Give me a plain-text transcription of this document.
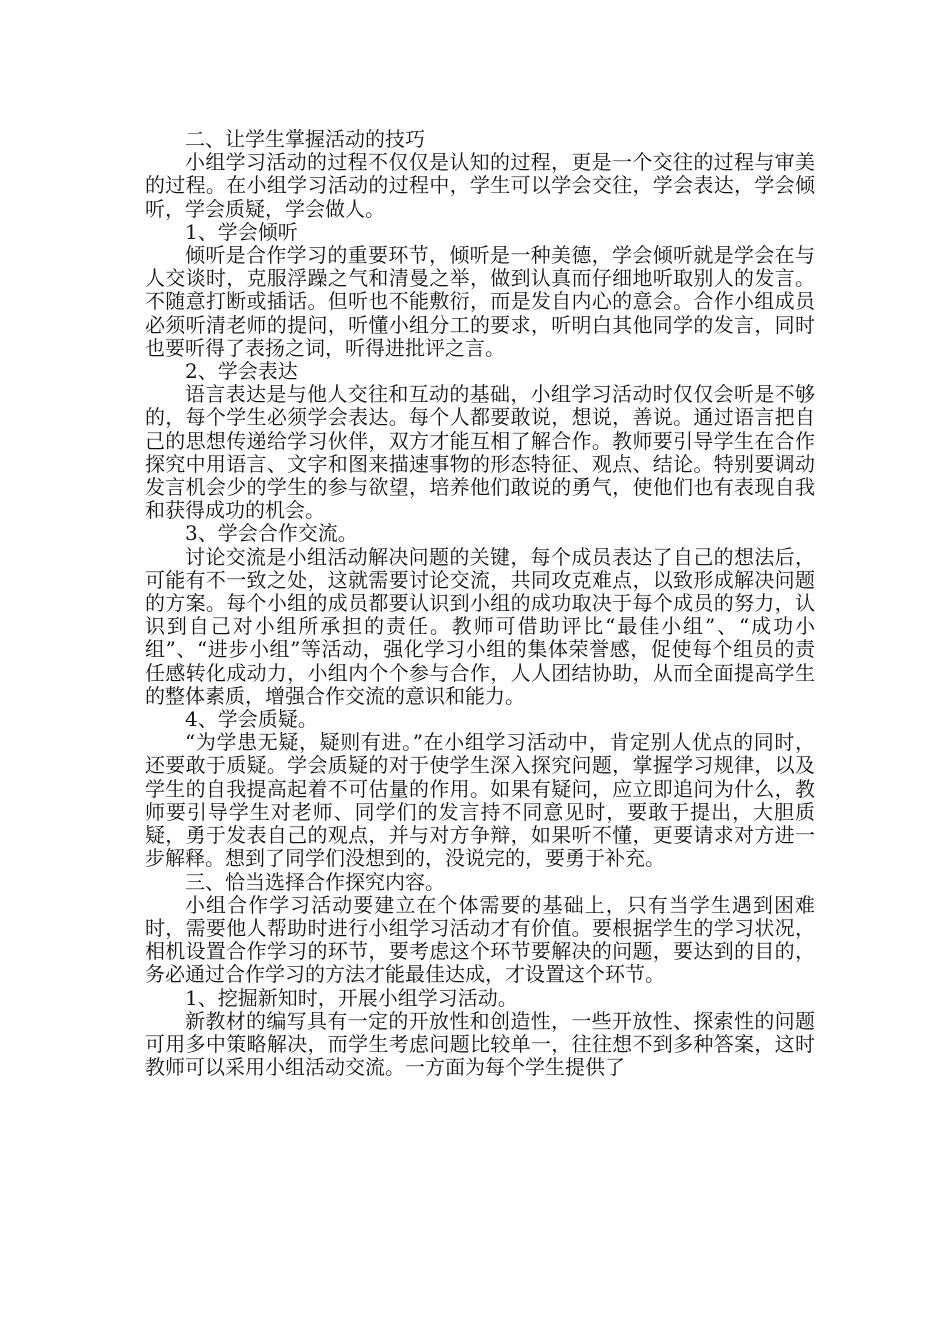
二、让学生掌握活动的技巧

小组学习活动的过程不仅仅是认知的过程，更是一个交往的过程与审美的过程。在小组学习活动的过程中，学生可以学会交往，学会表达，学会倾听，学会质疑，学会做人。

1、学会倾听

倾听是合作学习的重要环节，倾听是一种美德，学会倾听就是学会在与人交谈时，克服浮躁之气和清曼之举，做到认真而仔细地听取别人的发言。不随意打断或插话。但听也不能敷衍，而是发自内心的意会。合作小组成员必须听清老师的提问，听懂小组分工的要求，听明白其他同学的发言，同时也要听得了表扬之词，听得进批评之言。

2、学会表达

语言表达是与他人交往和互动的基础，小组学习活动时仅仅会听是不够的，每个学生必须学会表达。每个人都要敢说，想说，善说。通过语言把自己的思想传递给学习伙伴，双方才能互相了解合作。教师要引导学生在合作探究中用语言、文字和图来描速事物的形态特征、观点、结论。特别要调动发言机会少的学生的参与欲望，培养他们敢说的勇气，使他们也有表现自我和获得成功的机会。

3、学会合作交流。

讨论交流是小组活动解决问题的关键，每个成员表达了自己的想法后，可能有不一致之处，这就需要讨论交流，共同攻克难点，以致形成解决问题的方案。每个小组的成员都要认识到小组的成功取决于每个成员的努力，认识到自己对小组所承担的责任。教师可借助评比“最佳小组”、“成功小组”、“进步小组”等活动，强化学习小组的集体荣誉感，促使每个组员的责任感转化成动力，小组内个个参与合作，人人团结协助，从而全面提高学生的整体素质，增强合作交流的意识和能力。

4、学会质疑。

“为学患无疑，疑则有进。”在小组学习活动中，肯定别人优点的同时，还要敢于质疑。学会质疑的对于使学生深入探究问题，掌握学习规律，以及学生的自我提高起着不可估量的作用。如果有疑问，应立即追问为什么，教师要引导学生对老师、同学们的发言持不同意见时，要敢于提出，大胆质疑，勇于发表自己的观点，并与对方争辩，如果听不懂，更要请求对方进一步解释。想到了同学们没想到的，没说完的，要勇于补充。

三、恰当选择合作探究内容。

小组合作学习活动要建立在个体需要的基础上，只有当学生遇到困难时，需要他人帮助时进行小组学习活动才有价值。要根据学生的学习状况，相机设置合作学习的环节，要考虑这个环节要解决的问题，要达到的目的，务必通过合作学习的方法才能最佳达成，才设置这个环节。

1、挖掘新知时，开展小组学习活动。

新教材的编写具有一定的开放性和创造性，一些开放性、探索性的问题可用多中策略解决，而学生考虑问题比较单一，往往想不到多种答案，这时教师可以采用小组活动交流。一方面为每个学生提供了
